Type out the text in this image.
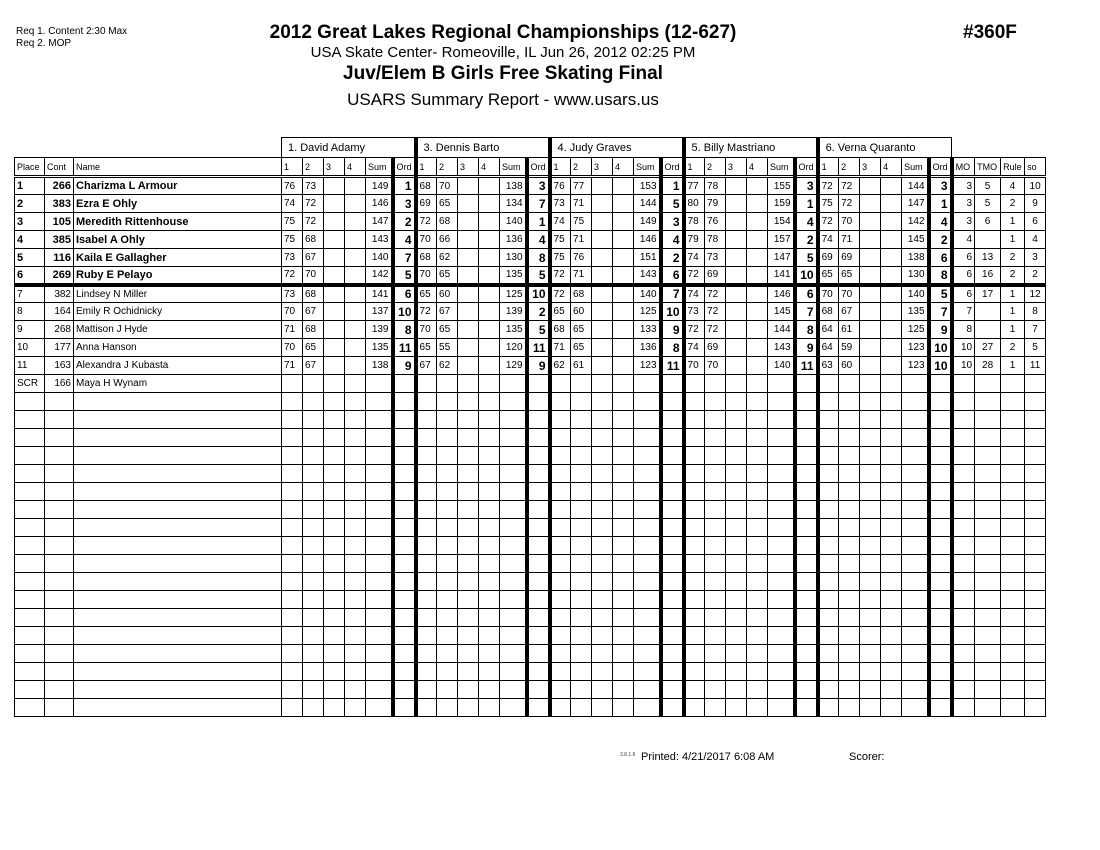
Req 1. Content 2:30 Max
Req 2. MOP
2012 Great Lakes Regional Championships (12-627)
USA Skate Center- Romeoville, IL Jun 26, 2012 02:25 PM
Juv/Elem B Girls Free Skating Final
USARS Summary Report - www.usars.us
#360F
			1. David Adamy						3. Dennis Barto						4. Judy Graves						5. Billy Mastriano						6. Verna Quaranto									
Place	Cont	Name	1	2	3	4	Sum	Ord	1	2	3	4	Sum	Ord	1	2	3	4	Sum	Ord	1	2	3	4	Sum	Ord	1	2	3	4	Sum	Ord	MO	TMO	Rule	so
1	266	Charizma L Armour	76	73			149	1	68	70			138	3	76	77			153	1	77	78			155	3	72	72			144	3	3	5	4	10
2	383	Ezra E Ohly	74	72			146	3	69	65			134	7	73	71			144	5	80	79			159	1	75	72			147	1	3	5	2	9
3	105	Meredith Rittenhouse	75	72			147	2	72	68			140	1	74	75			149	3	78	76			154	4	72	70			142	4	3	6	1	6
4	385	Isabel A Ohly	75	68			143	4	70	66			136	4	75	71			146	4	79	78			157	2	74	71			145	2	4		1	4
5	116	Kaila E Gallagher	73	67			140	7	68	62			130	8	75	76			151	2	74	73			147	5	69	69			138	6	6	13	2	3
6	269	Ruby E Pelayo	72	70			142	5	70	65			135	5	72	71			143	6	72	69			141	10	65	65			130	8	6	16	2	2
7	382	Lindsey N Miller	73	68			141	6	65	60			125	10	72	68			140	7	74	72			146	6	70	70			140	5	6	17	1	12
8	164	Emily R Ochidnicky	70	67			137	10	72	67			139	2	65	60			125	10	73	72			145	7	68	67			135	7	7		1	8
9	268	Mattison J Hyde	71	68			139	8	70	65			135	5	68	65			133	9	72	72			144	8	64	61			125	9	8		1	7
10	177	Anna Hanson	70	65			135	11	65	55			120	11	71	65			136	8	74	69			143	9	64	59			123	10	10	27	2	5
11	163	Alexandra J Kubasta	71	67			138	9	67	62			129	9	62	61			123	11	70	70			140	11	63	60			123	10	10	28	1	11
SCR	166	Maya H Wynam																																		

3.8.1.8 Printed: 4/21/2017 6:08 AM	Scorer:
